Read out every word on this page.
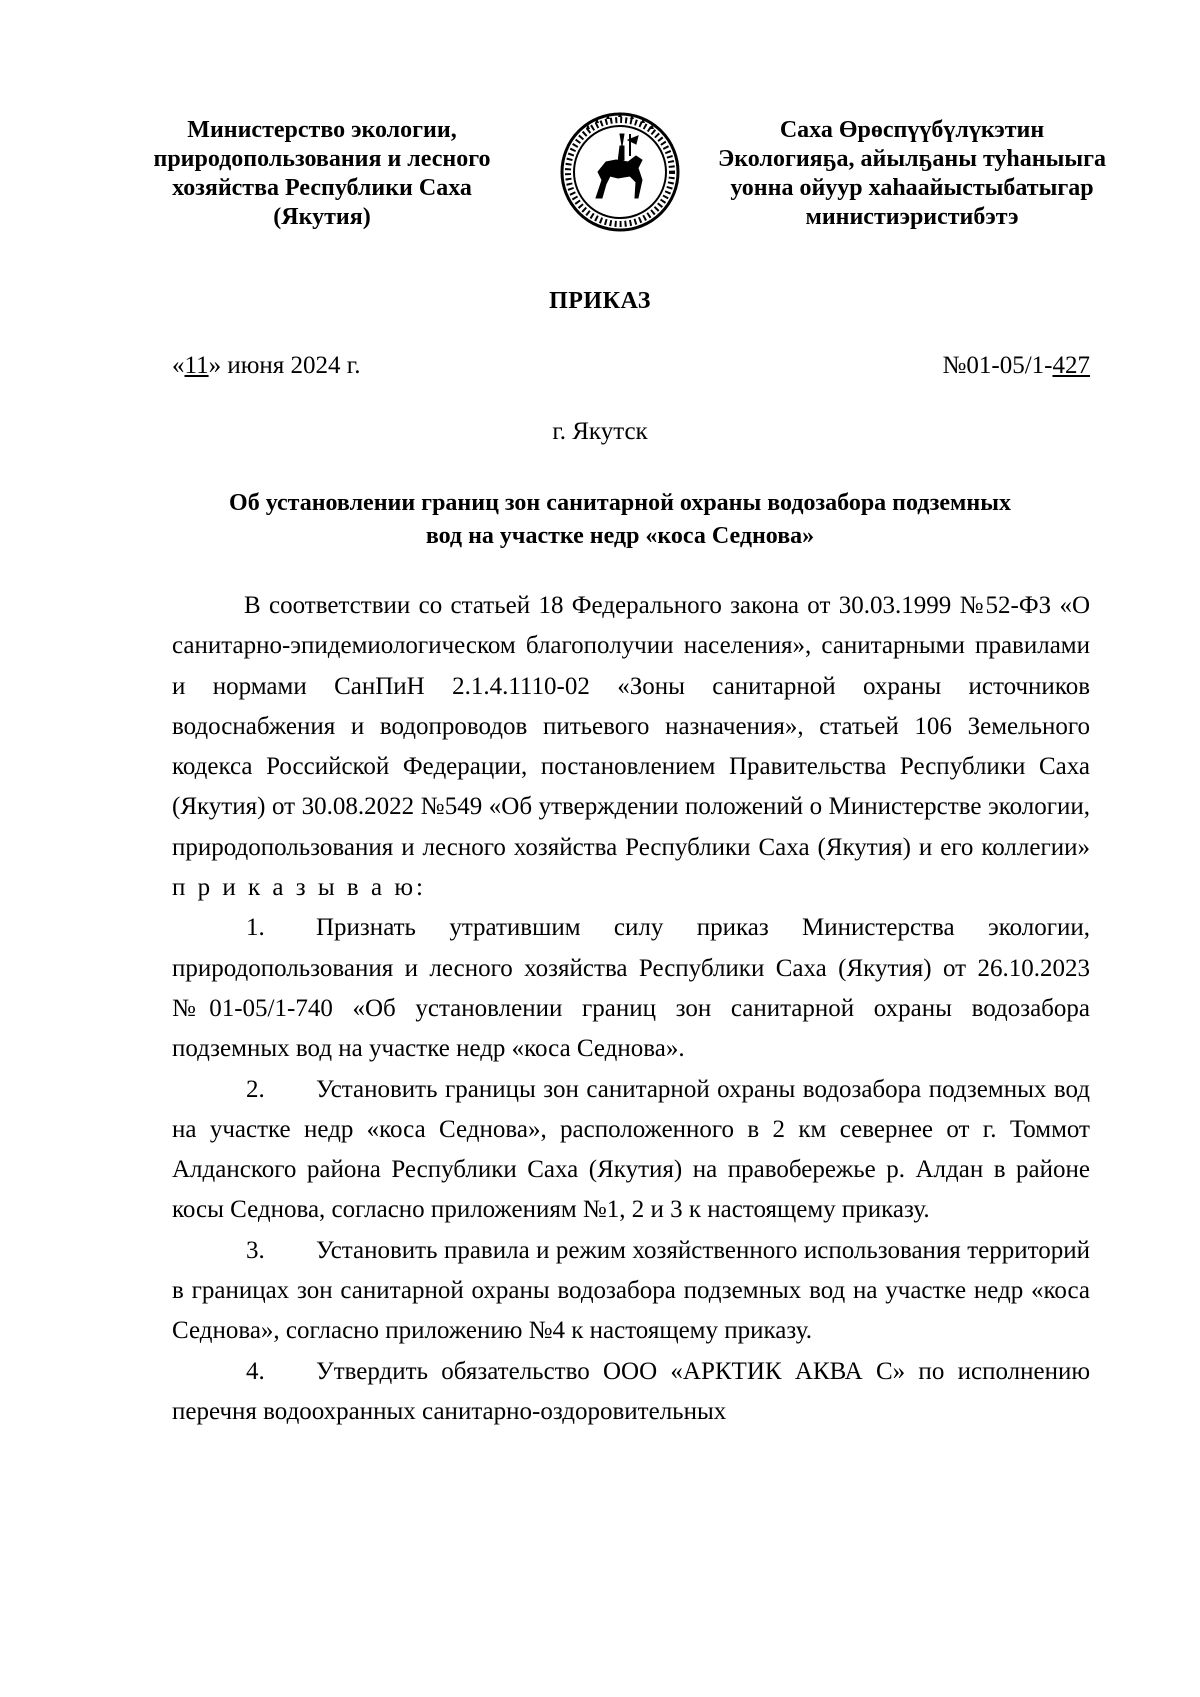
Министерство экологии,
природопользования и лесного
хозяйства Республики Саха
(Якутия)
Саха Өрөспүүбүлүкэтин
Экологияҕа, айылҕаны туһаныыга
уонна ойуур хаһаайыстыбатыгар
министиэристибэтэ
ПРИКАЗ
«11» июня 2024 г.	№01-05/1-427
г. Якутск
Об установлении границ зон санитарной охраны водозабора подземных
вод на участке недр «коса Седнова»

В соответствии со статьей 18 Федерального закона от 30.03.1999 №52-ФЗ «О санитарно-эпидемиологическом благополучии населения», санитарными правилами и нормами СанПиН 2.1.4.1110-02 «Зоны санитарной охраны источников водоснабжения и водопроводов питьевого назначения», статьей 106 Земельного кодекса Российской Федерации, постановлением Правительства Республики Саха (Якутия) от 30.08.2022 №549 «Об утверждении положений о Министерстве экологии, природопользования и лесного хозяйства Республики Саха (Якутия) и его коллегии» п р и к а з ы в а ю:

1. Признать утратившим силу приказ Министерства экологии, природопользования и лесного хозяйства Республики Саха (Якутия) от 26.10.2023 №01-05/1-740 «Об установлении границ зон санитарной охраны водозабора подземных вод на участке недр «коса Седнова».

2. Установить границы зон санитарной охраны водозабора подземных вод на участке недр «коса Седнова», расположенного в 2 км севернее от г. Томмот Алданского района Республики Саха (Якутия) на правобережье р. Алдан в районе косы Седнова, согласно приложениям №1, 2 и 3 к настоящему приказу.

3. Установить правила и режим хозяйственного использования территорий в границах зон санитарной охраны водозабора подземных вод на участке недр «коса Седнова», согласно приложению №4 к настоящему приказу.

4. Утвердить обязательство ООО «АРКТИК АКВА С» по исполнению перечня водоохранных санитарно-оздоровительных
